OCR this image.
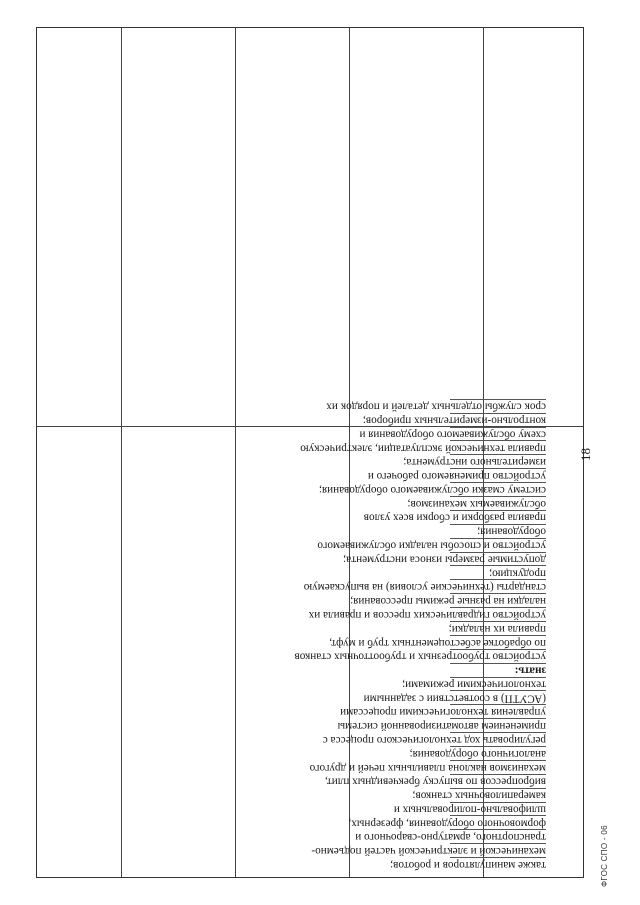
также манипуляторов и роботов;
механической и электрической частей подъемно-
транспортного, арматурно-сварочного и
формовочного оборудования, фрезерных,
шлифовально-полировальных и
камерапиловочных станков;
вибропрессов по выпуску брекчевидных плит,
механизмов наклона плавильных печей и другого
аналогичного оборудования;
регулировать ход технологического процесса с
применением автоматизированной системы
управления технологическими процессами
(АСУТП) в соответствии с заданными
технологическими режимами;
знать:
устройство трубоотрезных и трубоотточных станков
по обработке асбестоцементных труб и муфт,
правила их наладки;
устройство гидравлических прессов и правила их
наладки на разные режимы прессования;
стандарты (технические условия) на выпускаемую
продукцию;
допустимые размеры износа инструмента;
устройство и способы наладки обслуживаемого
оборудования;
правила разборки и сборки всех узлов
обслуживаемых механизмов;
систему смазки обслуживаемого оборудования;
устройство применяемого рабочего и
измерительного инструмента;
правила технической эксплуатации, электрическую
схему обслуживаемого оборудования и
контрольно-измерительных приборов;
срок службы отдельных деталей и порядок их
18
ФГОС СПО - 06
